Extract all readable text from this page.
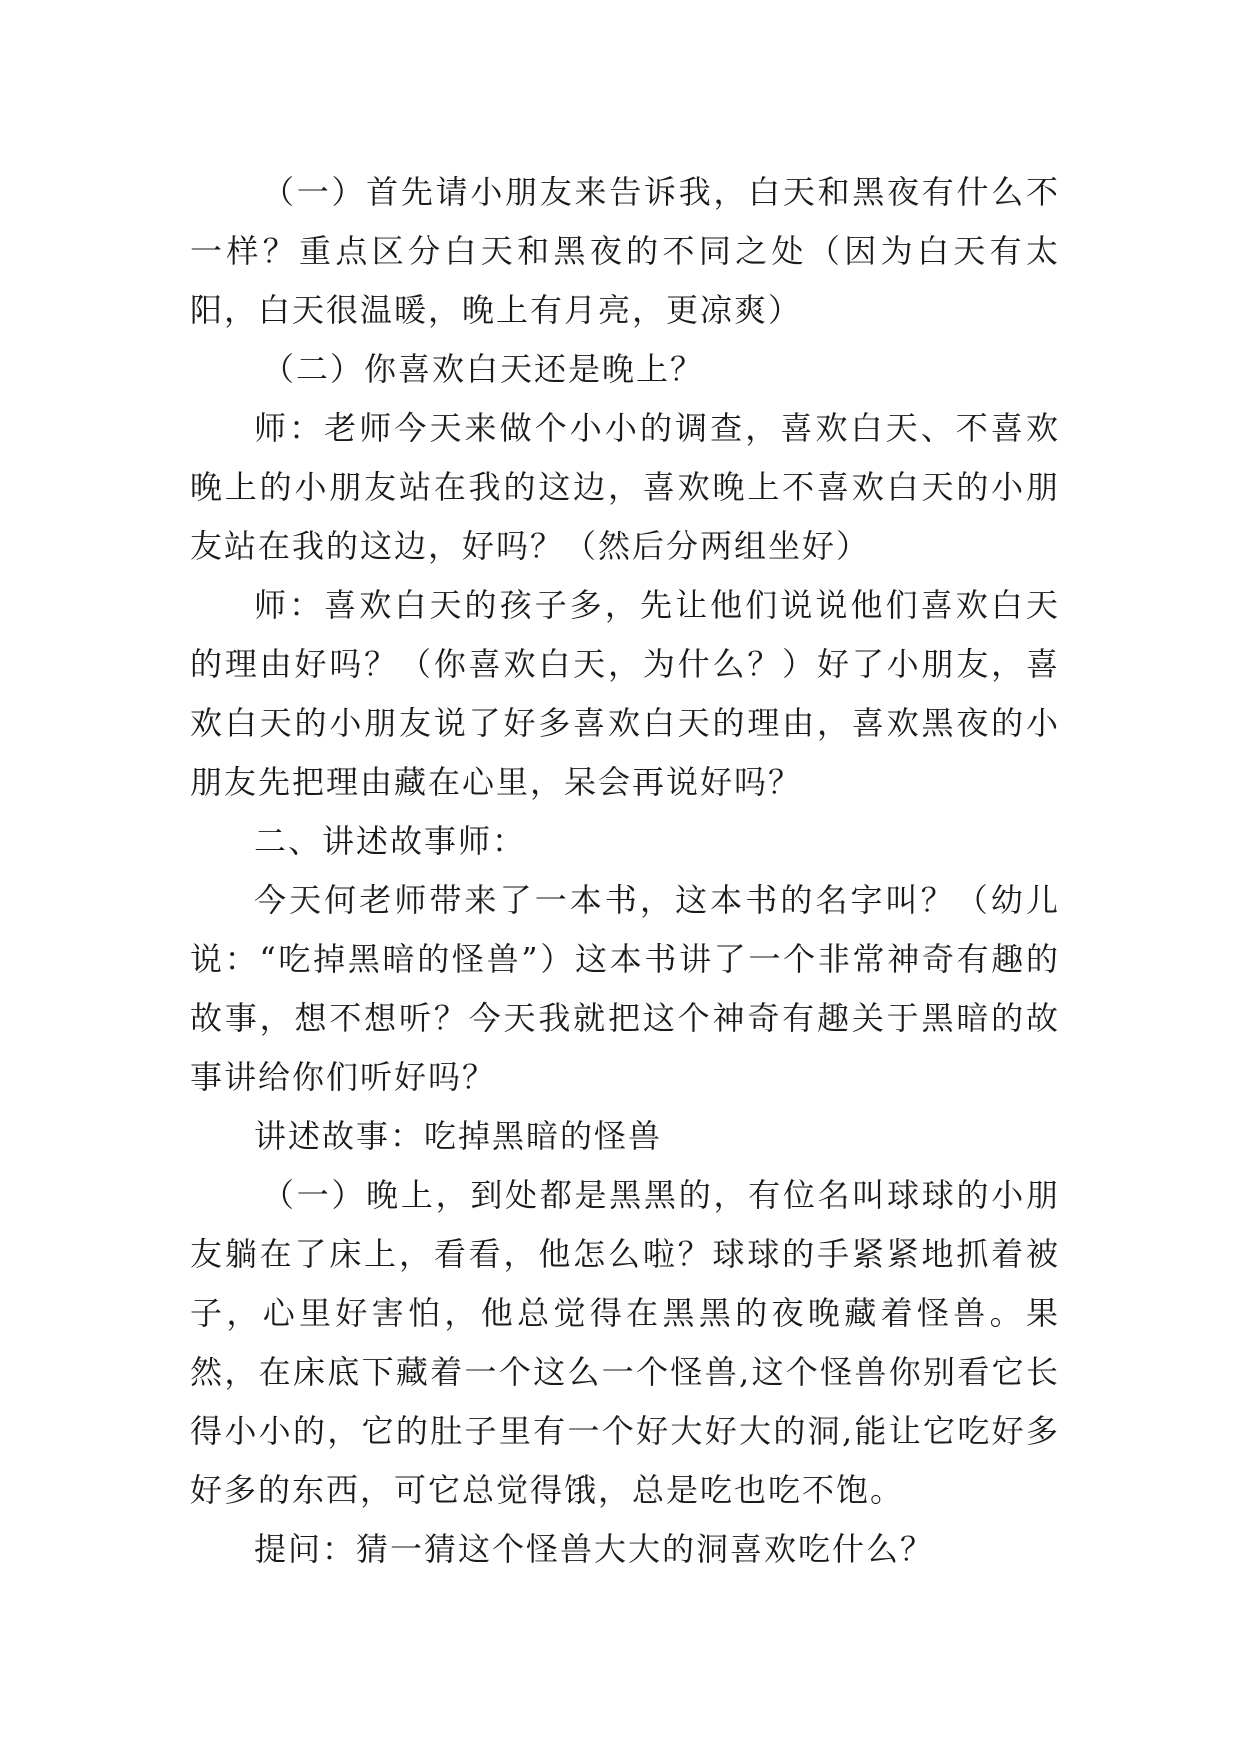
（一）首先请小朋友来告诉我，白天和黑夜有什么不一样？重点区分白天和黑夜的不同之处（因为白天有太阳，白天很温暖，晚上有月亮，更凉爽）

（二）你喜欢白天还是晚上？

师：老师今天来做个小小的调查，喜欢白天、不喜欢晚上的小朋友站在我的这边，喜欢晚上不喜欢白天的小朋友站在我的这边，好吗？（然后分两组坐好）

师：喜欢白天的孩子多，先让他们说说他们喜欢白天的理由好吗？（你喜欢白天，为什么？）好了小朋友，喜欢白天的小朋友说了好多喜欢白天的理由，喜欢黑夜的小朋友先把理由藏在心里，呆会再说好吗？

二、讲述故事师：

今天何老师带来了一本书，这本书的名字叫？（幼儿说：“吃掉黑暗的怪兽”）这本书讲了一个非常神奇有趣的故事，想不想听？今天我就把这个神奇有趣关于黑暗的故事讲给你们听好吗？

讲述故事：吃掉黑暗的怪兽

（一）晚上，到处都是黑黑的，有位名叫球球的小朋友躺在了床上，看看，他怎么啦？球球的手紧紧地抓着被子，心里好害怕，他总觉得在黑黑的夜晚藏着怪兽。果然，在床底下藏着一个这么一个怪兽,这个怪兽你别看它长得小小的，它的肚子里有一个好大好大的洞,能让它吃好多好多的东西，可它总觉得饿，总是吃也吃不饱。

提问：猜一猜这个怪兽大大的洞喜欢吃什么？
